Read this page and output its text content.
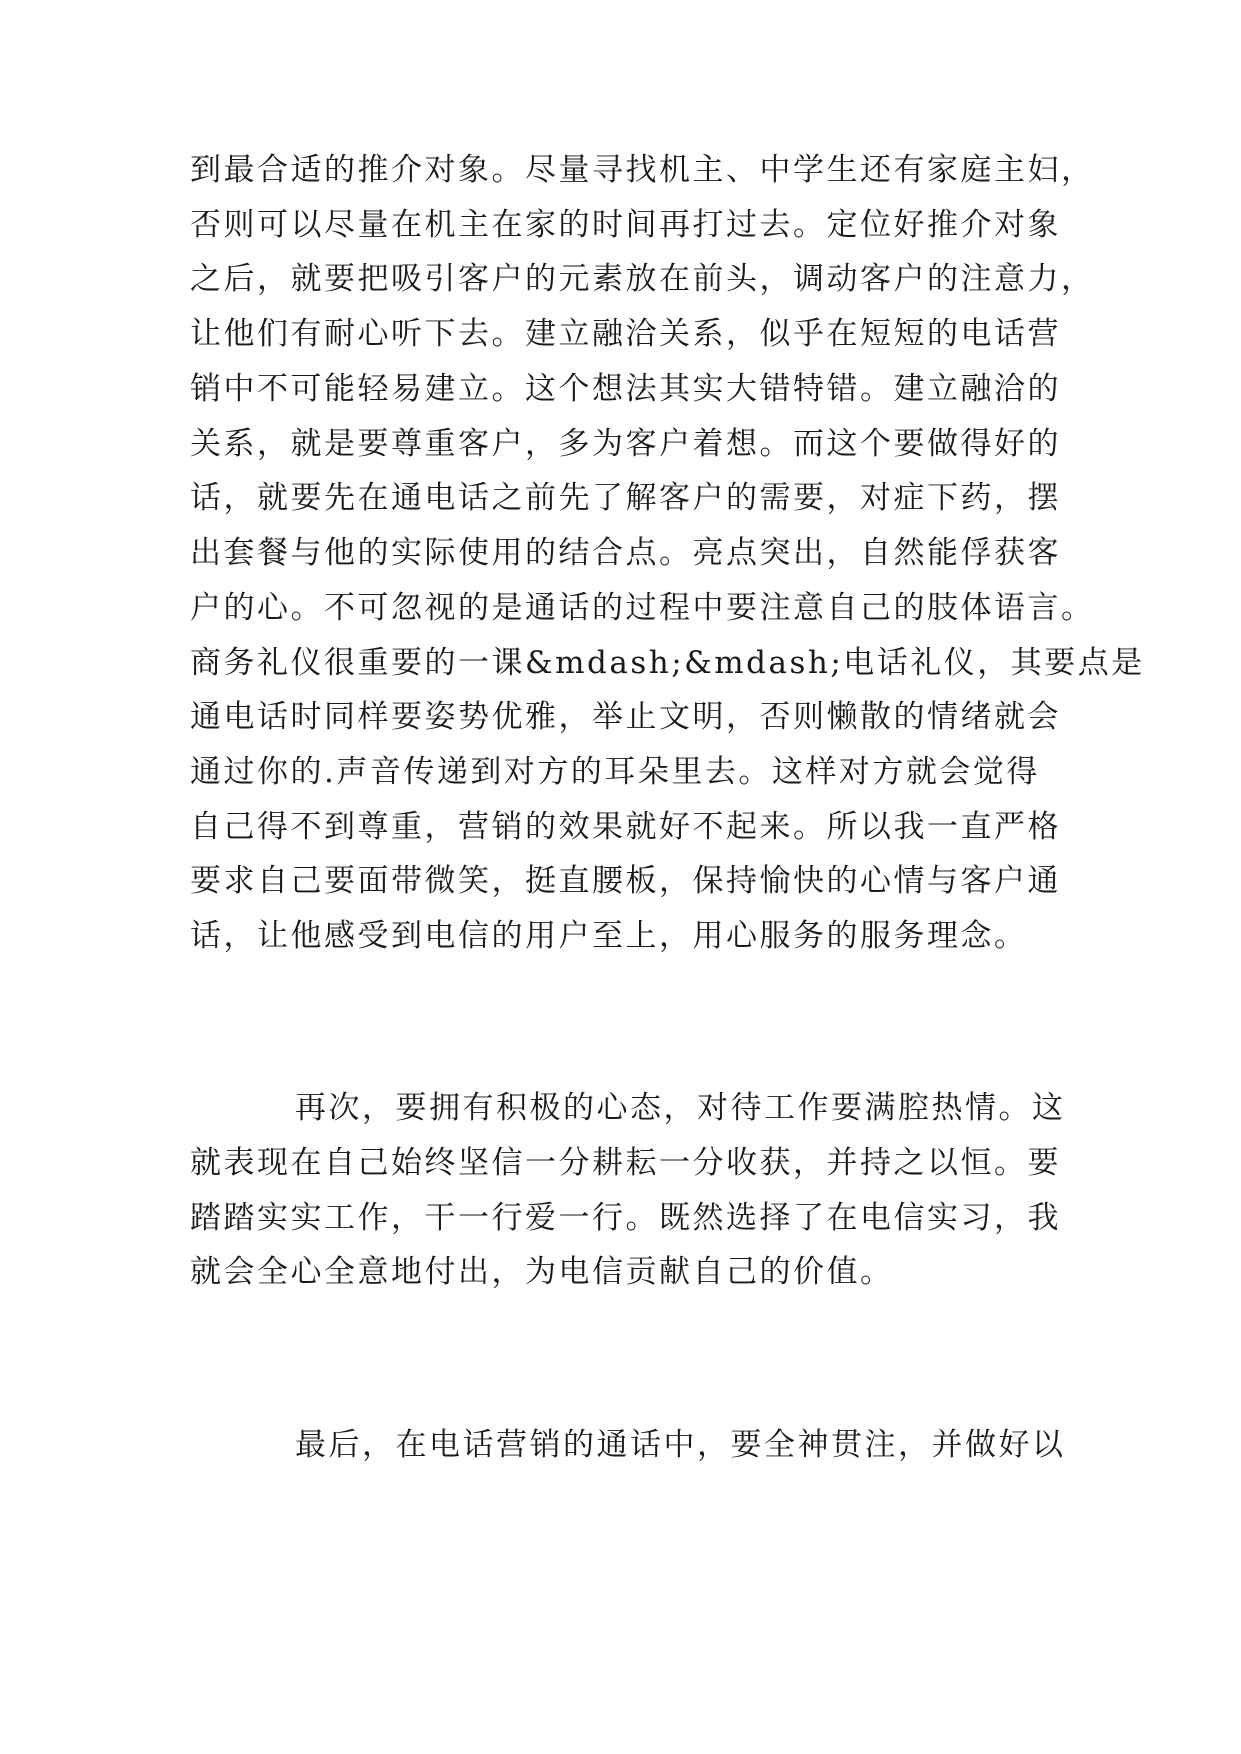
到最合适的推介对象。尽量寻找机主、中学生还有家庭主妇，
否则可以尽量在机主在家的时间再打过去。定位好推介对象
之后，就要把吸引客户的元素放在前头，调动客户的注意力，
让他们有耐心听下去。建立融洽关系，似乎在短短的电话营
销中不可能轻易建立。这个想法其实大错特错。建立融洽的
关系，就是要尊重客户，多为客户着想。而这个要做得好的
话，就要先在通电话之前先了解客户的需要，对症下药，摆
出套餐与他的实际使用的结合点。亮点突出，自然能俘获客
户的心。不可忽视的是通话的过程中要注意自己的肢体语言。
商务礼仪很重要的一课&mdash;&mdash;电话礼仪，其要点是
通电话时同样要姿势优雅，举止文明，否则懒散的情绪就会
通过你的.声音传递到对方的耳朵里去。这样对方就会觉得
自己得不到尊重，营销的效果就好不起来。所以我一直严格
要求自己要面带微笑，挺直腰板，保持愉快的心情与客户通
话，让他感受到电信的用户至上，用心服务的服务理念。
再次，要拥有积极的心态，对待工作要满腔热情。这
就表现在自己始终坚信一分耕耘一分收获，并持之以恒。要
踏踏实实工作，干一行爱一行。既然选择了在电信实习，我
就会全心全意地付出，为电信贡献自己的价值。
最后，在电话营销的通话中，要全神贯注，并做好以
